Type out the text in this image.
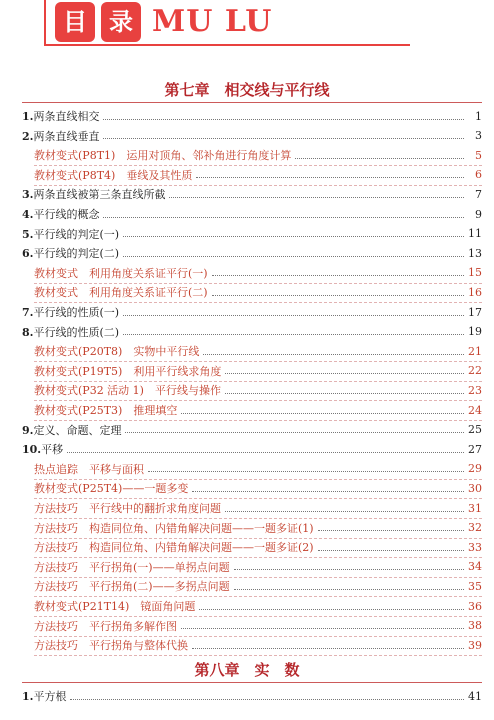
目 录 MU LU
第七章　相交线与平行线
1.两条直线相交	1
2.两条直线垂直	3
教材变式(P8T1)　运用对顶角、邻补角进行角度计算	5
教材变式(P8T4)　垂线及其性质	6
3.两条直线被第三条直线所截	7
4.平行线的概念	9
5.平行线的判定(一)	11
6.平行线的判定(二)	13
教材变式　利用角度关系证平行(一)	15
教材变式　利用角度关系证平行(二)	16
7.平行线的性质(一)	17
8.平行线的性质(二)	19
教材变式(P20T8)　实物中平行线	21
教材变式(P19T5)　利用平行线求角度	22
教材变式(P32 活动 1)　平行线与操作	23
教材变式(P25T3)　推理填空	24
9.定义、命题、定理	25
10.平移	27
热点追踪　平移与面积	29
教材变式(P25T4)——一题多变	30
方法技巧　平行线中的翻折求角度问题	31
方法技巧　构造同位角、内错角解决问题——一题多证(1)	32
方法技巧　构造同位角、内错角解决问题——一题多证(2)	33
方法技巧　平行拐角(一)——单拐点问题	34
方法技巧　平行拐角(二)——多拐点问题	35
教材变式(P21T14)　镜面角问题	36
方法技巧　平行拐角多解作图	38
方法技巧　平行拐角与整体代换	39
第八章　实　数
1.平方根	41
